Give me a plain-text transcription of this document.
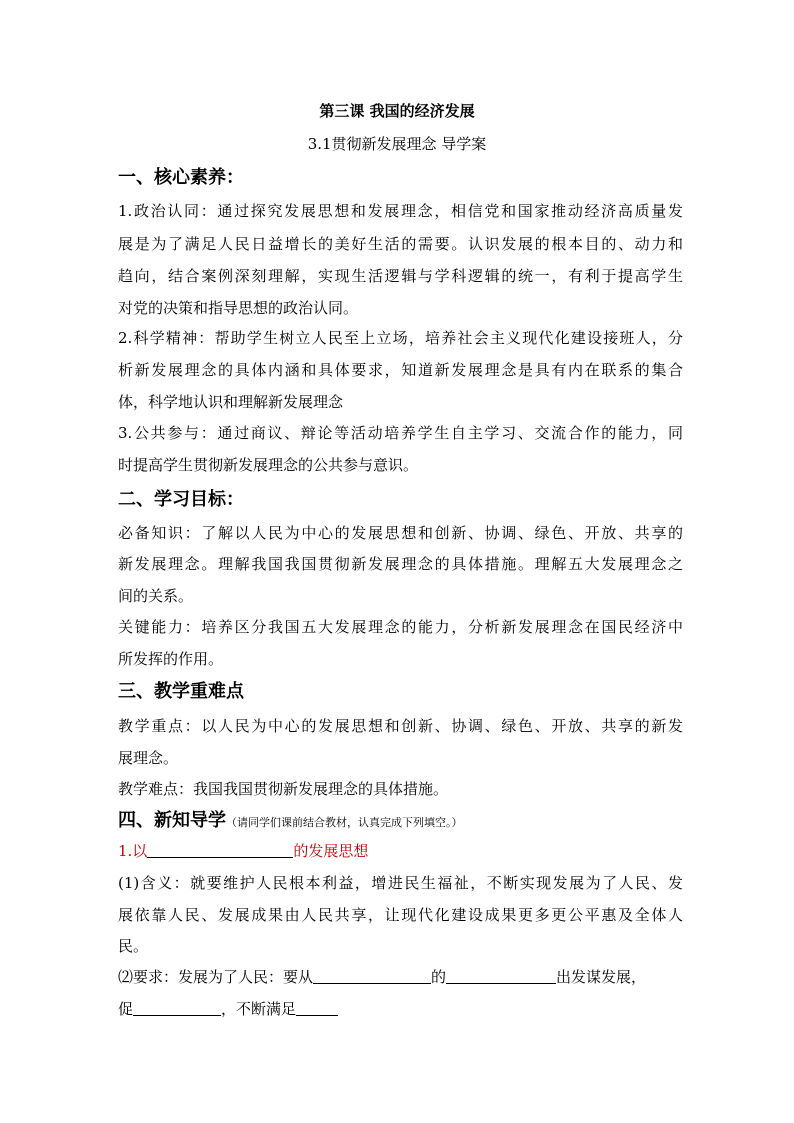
第三课 我国的经济发展
3.1贯彻新发展理念 导学案
一、核心素养：
1.政治认同：通过探究发展思想和发展理念，相信党和国家推动经济高质量发
展是为了满足人民日益增长的美好生活的需要。认识发展的根本目的、动力和
趋向，结合案例深刻理解，实现生活逻辑与学科逻辑的统一，有利于提高学生
对党的决策和指导思想的政治认同。
2.科学精神：帮助学生树立人民至上立场，培养社会主义现代化建设接班人，分
析新发展理念的具体内涵和具体要求，知道新发展理念是具有内在联系的集合
体，科学地认识和理解新发展理念
3.公共参与：通过商议、辩论等活动培养学生自主学习、交流合作的能力，同
时提高学生贯彻新发展理念的公共参与意识。
二、学习目标：
必备知识：了解以人民为中心的发展思想和创新、协调、绿色、开放、共享的
新发展理念。理解我国我国贯彻新发展理念的具体措施。理解五大发展理念之
间的关系。
关键能力：培养区分我国五大发展理念的能力，分析新发展理念在国民经济中
所发挥的作用。
三、教学重难点
教学重点：以人民为中心的发展思想和创新、协调、绿色、开放、共享的新发
展理念。
教学难点：我国我国贯彻新发展理念的具体措施。
四、新知导学（请同学们课前结合教材，认真完成下列填空。）
1.以	的发展思想
(1)含义：就要维护人民根本利益，增进民生福祉，不断实现发展为了人民、发
展依靠人民、发展成果由人民共享，让现代化建设成果更多更公平惠及全体人
民。
⑵要求：发展为了人民：要从	的	出发谋发展，
促	，不断满足
